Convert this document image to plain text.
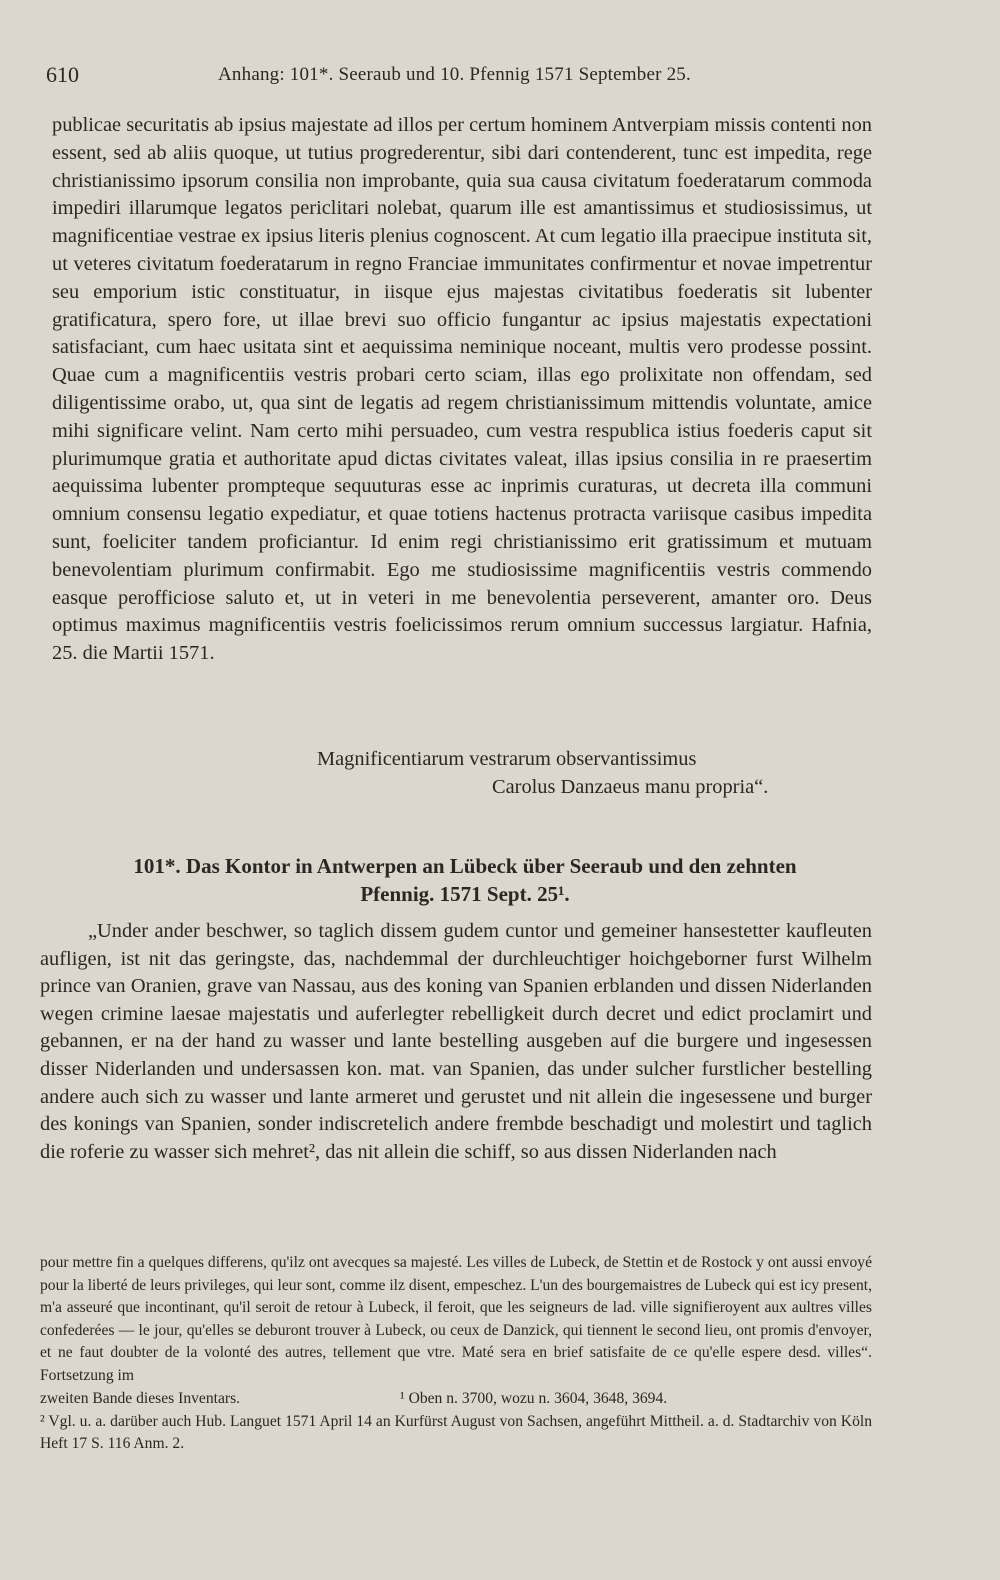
610	Anhang: 101*. Seeraub und 10. Pfennig 1571 September 25.

publicae securitatis ab ipsius majestate ad illos per certum hominem Antverpiam missis contenti non essent, sed ab aliis quoque, ut tutius progrederentur, sibi dari contenderent, tunc est impedita, rege christianissimo ipsorum consilia non improbante, quia sua causa civitatum foederatarum commoda impediri illarumque legatos periclitari nolebat, quarum ille est amantissimus et studiosissimus, ut magnificentiae vestrae ex ipsius literis plenius cognoscent. At cum legatio illa praecipue instituta sit, ut veteres civitatum foederatarum in regno Franciae immunitates confirmentur et novae impetrentur seu emporium istic constituatur, in iisque ejus majestas civitatibus foederatis sit lubenter gratificatura, spero fore, ut illae brevi suo officio fungantur ac ipsius majestatis expectationi satisfaciant, cum haec usitata sint et aequissima neminique noceant, multis vero prodesse possint. Quae cum a magnificentiis vestris probari certo sciam, illas ego prolixitate non offendam, sed diligentissime orabo, ut, qua sint de legatis ad regem christianissimum mittendis voluntate, amice mihi significare velint. Nam certo mihi persuadeo, cum vestra respublica istius foederis caput sit plurimumque gratia et authoritate apud dictas civitates valeat, illas ipsius consilia in re praesertim aequissima lubenter prompteque sequuturas esse ac inprimis curaturas, ut decreta illa communi omnium consensu legatio expediatur, et quae totiens hactenus protracta variisque casibus impedita sunt, foeliciter tandem proficiantur. Id enim regi christianissimo erit gratissimum et mutuam benevolentiam plurimum confirmabit. Ego me studiosissime magnificentiis vestris commendo easque perofficiose saluto et, ut in veteri in me benevolentia perseverent, amanter oro. Deus optimus maximus magnificentiis vestris foelicissimos rerum omnium successus largiatur. Hafnia, 25. die Martii 1571.

Magnificentiarum vestrarum observantissimus
Carolus Danzaeus manu propria“.
101*. Das Kontor in Antwerpen an Lübeck über Seeraub und den zehnten
Pfennig. 1571 Sept. 25¹.

„Under ander beschwer, so taglich dissem gudem cuntor und gemeiner hansestetter kaufleuten aufligen, ist nit das geringste, das, nachdemmal der durchleuchtiger hoichgeborner furst Wilhelm prince van Oranien, grave van Nassau, aus des koning van Spanien erblanden und dissen Niderlanden wegen crimine laesae majestatis und auferlegter rebelligkeit durch decret und edict proclamirt und gebannen, er na der hand zu wasser und lante bestelling ausgeben auf die burgere und ingesessen disser Niderlanden und undersassen kon. mat. van Spanien, das under sulcher furstlicher bestelling andere auch sich zu wasser und lante armeret und gerustet und nit allein die ingesessene und burger des konings van Spanien, sonder indiscretelich andere frembde beschadigt und molestirt und taglich die roferie zu wasser sich mehret², das nit allein die schiff, so aus dissen Niderlanden nach

pour mettre fin a quelques differens, qu'ilz ont avecques sa majesté. Les villes de Lubeck, de Stettin et de Rostock y ont aussi envoyé pour la liberté de leurs privileges, qui leur sont, comme ilz disent, empeschez. L'un des bourgemaistres de Lubeck qui est icy present, m'a asseuré que incontinant, qu'il seroit de retour à Lubeck, il feroit, que les seigneurs de lad. ville signifieroyent aux aultres villes confederées — le jour, qu'elles se deburont trouver à Lubeck, ou ceux de Danzick, qui tiennent le second lieu, ont promis d'envoyer, et ne faut doubter de la volonté des autres, tellement que vtre. Maté sera en brief satisfaite de ce qu'elle espere desd. villes“. Fortsetzung im

zweiten Bande dieses Inventars.	¹ Oben n. 3700, wozu n. 3604, 3648, 3694.

² Vgl. u. a. darüber auch Hub. Languet 1571 April 14 an Kurfürst August von Sachsen, angeführt Mittheil. a. d. Stadtarchiv von Köln Heft 17 S. 116 Anm. 2.
